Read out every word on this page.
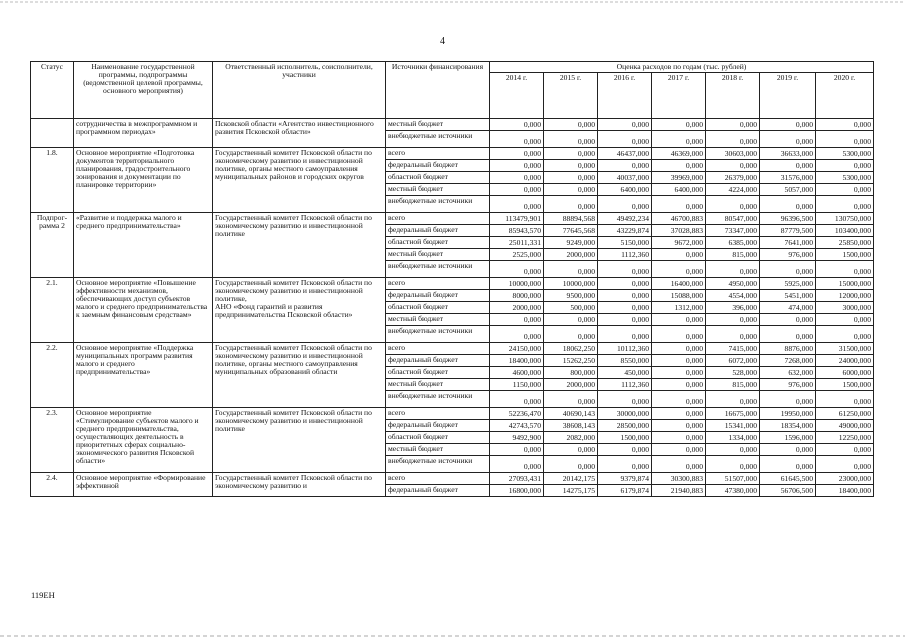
4
Статус	Наименование государственной программы, подпрограммы (ведомственной целевой программы, основного мероприятия)	Ответственный исполнитель, соисполнители, участники	Источники финансирования	Оценка расходов по годам (тыс. рублей)						
				2014 г.	2015 г.	2016 г.	2017 г.	2018 г.	2019 г.	2020 г.
	сотрудничества в межпрограммном и программном периодах»	Псковской области «Агентство инвестиционного развития Псковской области»	местный бюджет	0,000	0,000	0,000	0,000	0,000	0,000	0,000
			внебюджетные источники	0,000	0,000	0,000	0,000	0,000	0,000	0,000
1.8.	Основное мероприятие «Подготовка документов территориального планирования, градостроительного зонирования и документации по планировке территории»	Государственный комитет Псковской области по экономическому развитию и инвестиционной политике, органы местного самоуправления муниципальных районов и городских округов	всего	0,000	0,000	46437,000	46369,000	30603,000	36633,000	5300,000
			федеральный бюджет	0,000	0,000	0,000	0,000	0,000	0,000	0,000
			областной бюджет	0,000	0,000	40037,000	39969,000	26379,000	31576,000	5300,000
			местный бюджет	0,000	0,000	6400,000	6400,000	4224,000	5057,000	0,000
			внебюджетные источники	0,000	0,000	0,000	0,000	0,000	0,000	0,000
Подпрог-рамма 2	«Развитие и поддержка малого и среднего предпринимательства»	Государственный комитет Псковской области по экономическому развитию и инвестиционной политике	всего	113479,901	88894,568	49492,234	46700,883	80547,000	96396,500	130750,000
			федеральный бюджет	85943,570	77645,568	43229,874	37028,883	73347,000	87779,500	103400,000
			областной бюджет	25011,331	9249,000	5150,000	9672,000	6385,000	7641,000	25850,000
			местный бюджет	2525,000	2000,000	1112,360	0,000	815,000	976,000	1500,000
			внебюджетные источники	0,000	0,000	0,000	0,000	0,000	0,000	0,000
2.1.	Основное мероприятие «Повышение эффективности механизмов, обеспечивающих доступ субъектов малого и среднего предпринимательства к заемным финансовым средствам»	Государственный комитет Псковской области по экономическому развитию и инвестиционной политике,
АНО «Фонд гарантий и развития предпринимательства Псковской области»	всего	10000,000	10000,000	0,000	16400,000	4950,000	5925,000	15000,000
			федеральный бюджет	8000,000	9500,000	0,000	15088,000	4554,000	5451,000	12000,000
			областной бюджет	2000,000	500,000	0,000	1312,000	396,000	474,000	3000,000
			местный бюджет	0,000	0,000	0,000	0,000	0,000	0,000	0,000
			внебюджетные источники	0,000	0,000	0,000	0,000	0,000	0,000	0,000
2.2.	Основное мероприятие «Поддержка муниципальных программ развития малого и среднего предпринимательства»	Государственный комитет Псковской области по экономическому развитию и инвестиционной политике, органы местного самоуправления муниципальных образований области	всего	24150,000	18062,250	10112,360	0,000	7415,000	8876,000	31500,000
			федеральный бюджет	18400,000	15262,250	8550,000	0,000	6072,000	7268,000	24000,000
			областной бюджет	4600,000	800,000	450,000	0,000	528,000	632,000	6000,000
			местный бюджет	1150,000	2000,000	1112,360	0,000	815,000	976,000	1500,000
			внебюджетные источники	0,000	0,000	0,000	0,000	0,000	0,000	0,000
2.3.	Основное мероприятие «Стимулирование субъектов малого и среднего предпринимательства, осуществляющих деятельность в приоритетных сферах социально-экономического развития Псковской области»	Государственный комитет Псковской области по экономическому развитию и инвестиционной политике	всего	52236,470	40690,143	30000,000	0,000	16675,000	19950,000	61250,000
			федеральный бюджет	42743,570	38608,143	28500,000	0,000	15341,000	18354,000	49000,000
			областной бюджет	9492,900	2082,000	1500,000	0,000	1334,000	1596,000	12250,000
			местный бюджет	0,000	0,000	0,000	0,000	0,000	0,000	0,000
			внебюджетные источники	0,000	0,000	0,000	0,000	0,000	0,000	0,000
2.4.	Основное мероприятие «Формирование эффективной	Государственный комитет Псковской области по экономическому развитию и	всего	27093,431	20142,175	9379,874	30300,883	51507,000	61645,500	23000,000
			федеральный бюджет	16800,000	14275,175	6179,874	21940,883	47380,000	56706,500	18400,000
119ЕН
